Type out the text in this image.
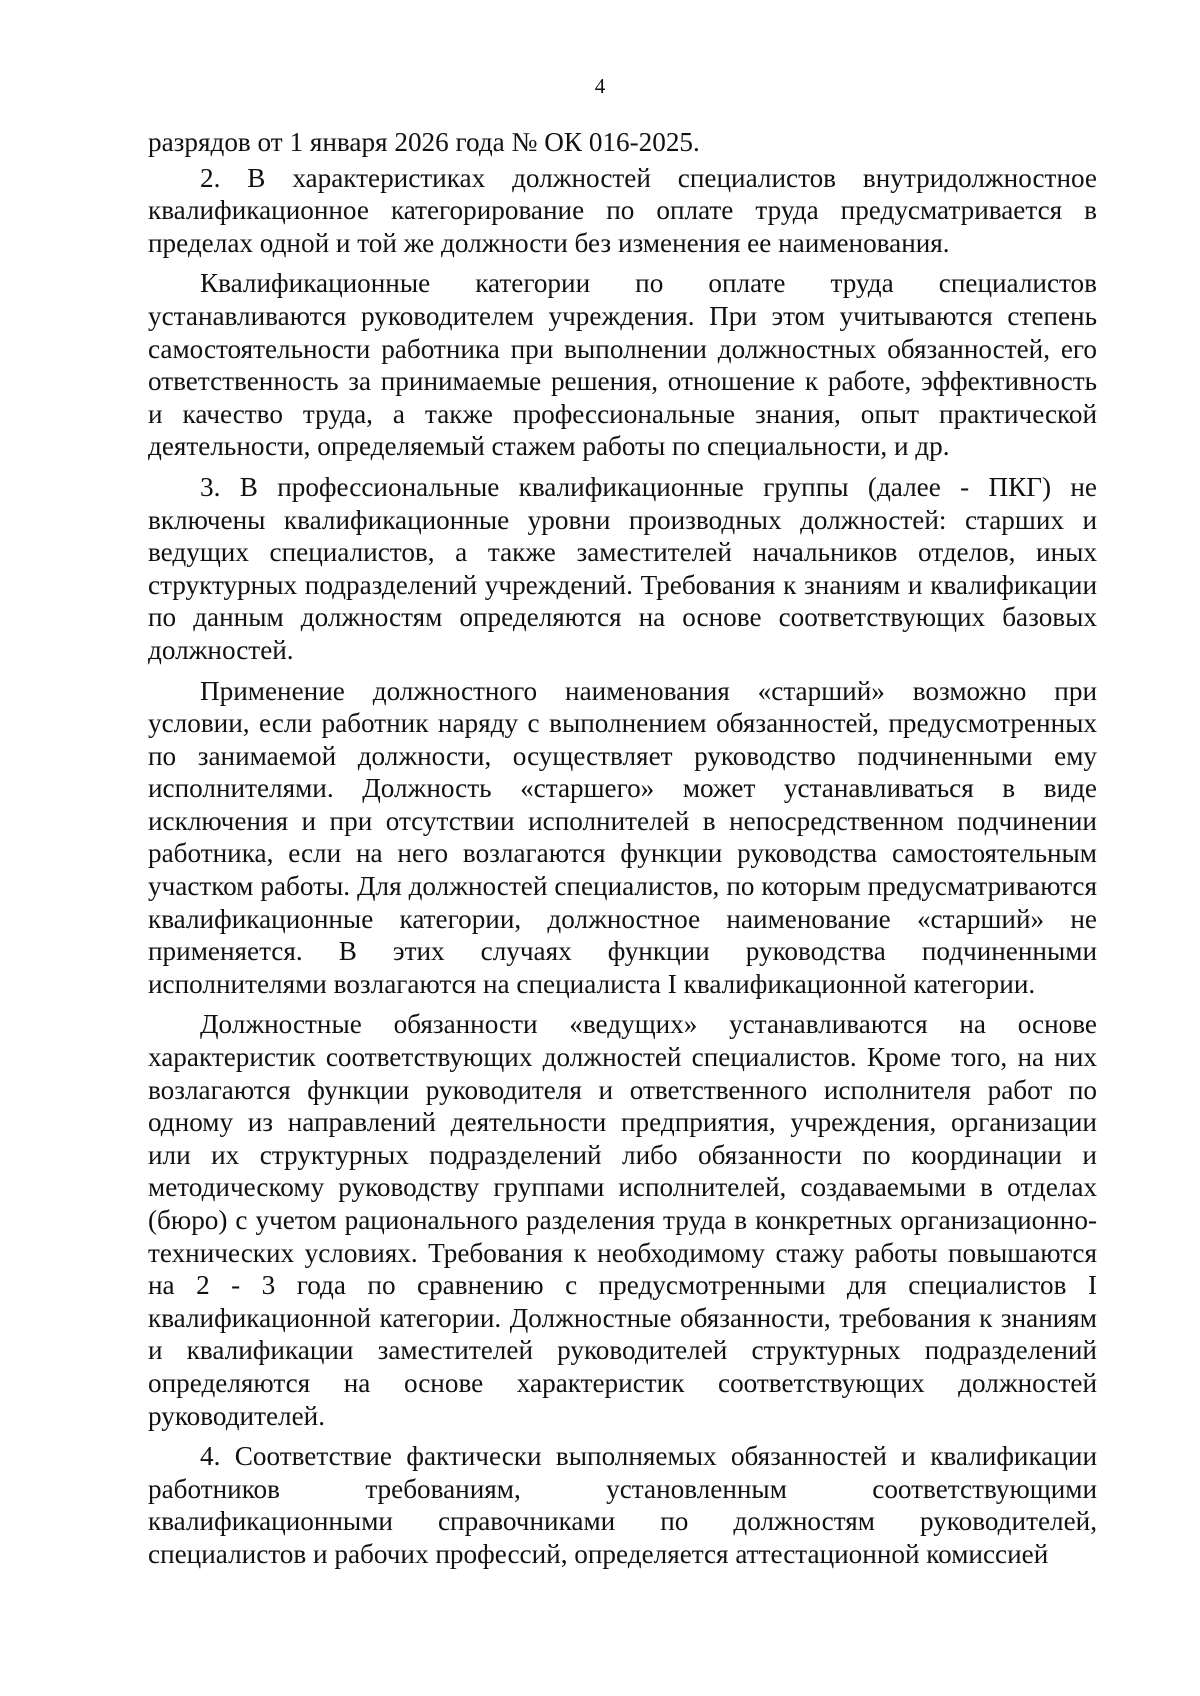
4

разрядов от 1 января 2026 года № ОК 016-2025.

2. В характеристиках должностей специалистов внутридолжностное квалификационное категорирование по оплате труда предусматривается в пределах одной и той же должности без изменения ее наименования.

Квалификационные категории по оплате труда специалистов устанавливаются руководителем учреждения. При этом учитываются степень самостоятельности работника при выполнении должностных обязанностей, его ответственность за принимаемые решения, отношение к работе, эффективность и качество труда, а также профессиональные знания, опыт практической деятельности, определяемый стажем работы по специальности, и др.

3. В профессиональные квалификационные группы (далее - ПКГ) не включены квалификационные уровни производных должностей: старших и ведущих специалистов, а также заместителей начальников отделов, иных структурных подразделений учреждений. Требования к знаниям и квалификации по данным должностям определяются на основе соответствующих базовых должностей.

Применение должностного наименования «старший» возможно при условии, если работник наряду с выполнением обязанностей, предусмотренных по занимаемой должности, осуществляет руководство подчиненными ему исполнителями. Должность «старшего» может устанавливаться в виде исключения и при отсутствии исполнителей в непосредственном подчинении работника, если на него возлагаются функции руководства самостоятельным участком работы. Для должностей специалистов, по которым предусматриваются квалификационные категории, должностное наименование «старший» не применяется. В этих случаях функции руководства подчиненными исполнителями возлагаются на специалиста I квалификационной категории.

Должностные обязанности «ведущих» устанавливаются на основе характеристик соответствующих должностей специалистов. Кроме того, на них возлагаются функции руководителя и ответственного исполнителя работ по одному из направлений деятельности предприятия, учреждения, организации или их структурных подразделений либо обязанности по координации и методическому руководству группами исполнителей, создаваемыми в отделах (бюро) с учетом рационального разделения труда в конкретных организационно-технических условиях. Требования к необходимому стажу работы повышаются на 2 - 3 года по сравнению с предусмотренными для специалистов I квалификационной категории. Должностные обязанности, требования к знаниям и квалификации заместителей руководителей структурных подразделений определяются на основе характеристик соответствующих должностей руководителей.

4. Соответствие фактически выполняемых обязанностей и квалификации работников требованиям, установленным соответствующими квалификационными справочниками по должностям руководителей, специалистов и рабочих профессий, определяется аттестационной комиссией
